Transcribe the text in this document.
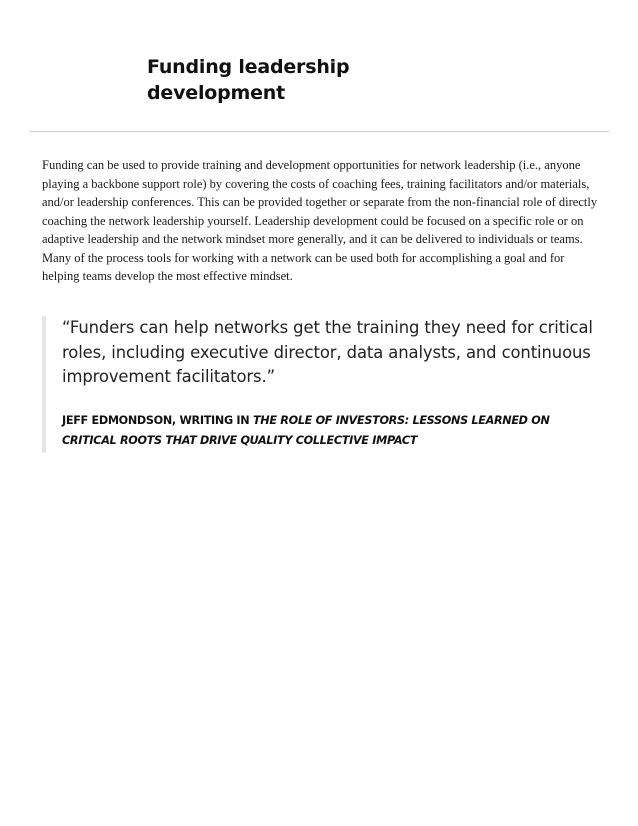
Funding leadership development

Funding can be used to provide training and development opportunities for network leadership (i.e., anyone playing a backbone support role) by covering the costs of coaching fees, training facilitators and/or materials, and/or leadership conferences. This can be provided together or separate from the non-financial role of directly coaching the network leadership yourself. Leadership development could be focused on a specific role or on adaptive leadership and the network mindset more generally, and it can be delivered to individuals or teams. Many of the process tools for working with a network can be used both for accomplishing a goal and for helping teams develop the most effective mindset.

“Funders can help networks get the training they need for critical roles, including executive director, data analysts, and continuous improvement facilitators.”

JEFF EDMONDSON, WRITING IN THE ROLE OF INVESTORS: LESSONS LEARNED ON CRITICAL ROOTS THAT DRIVE QUALITY COLLECTIVE IMPACT
